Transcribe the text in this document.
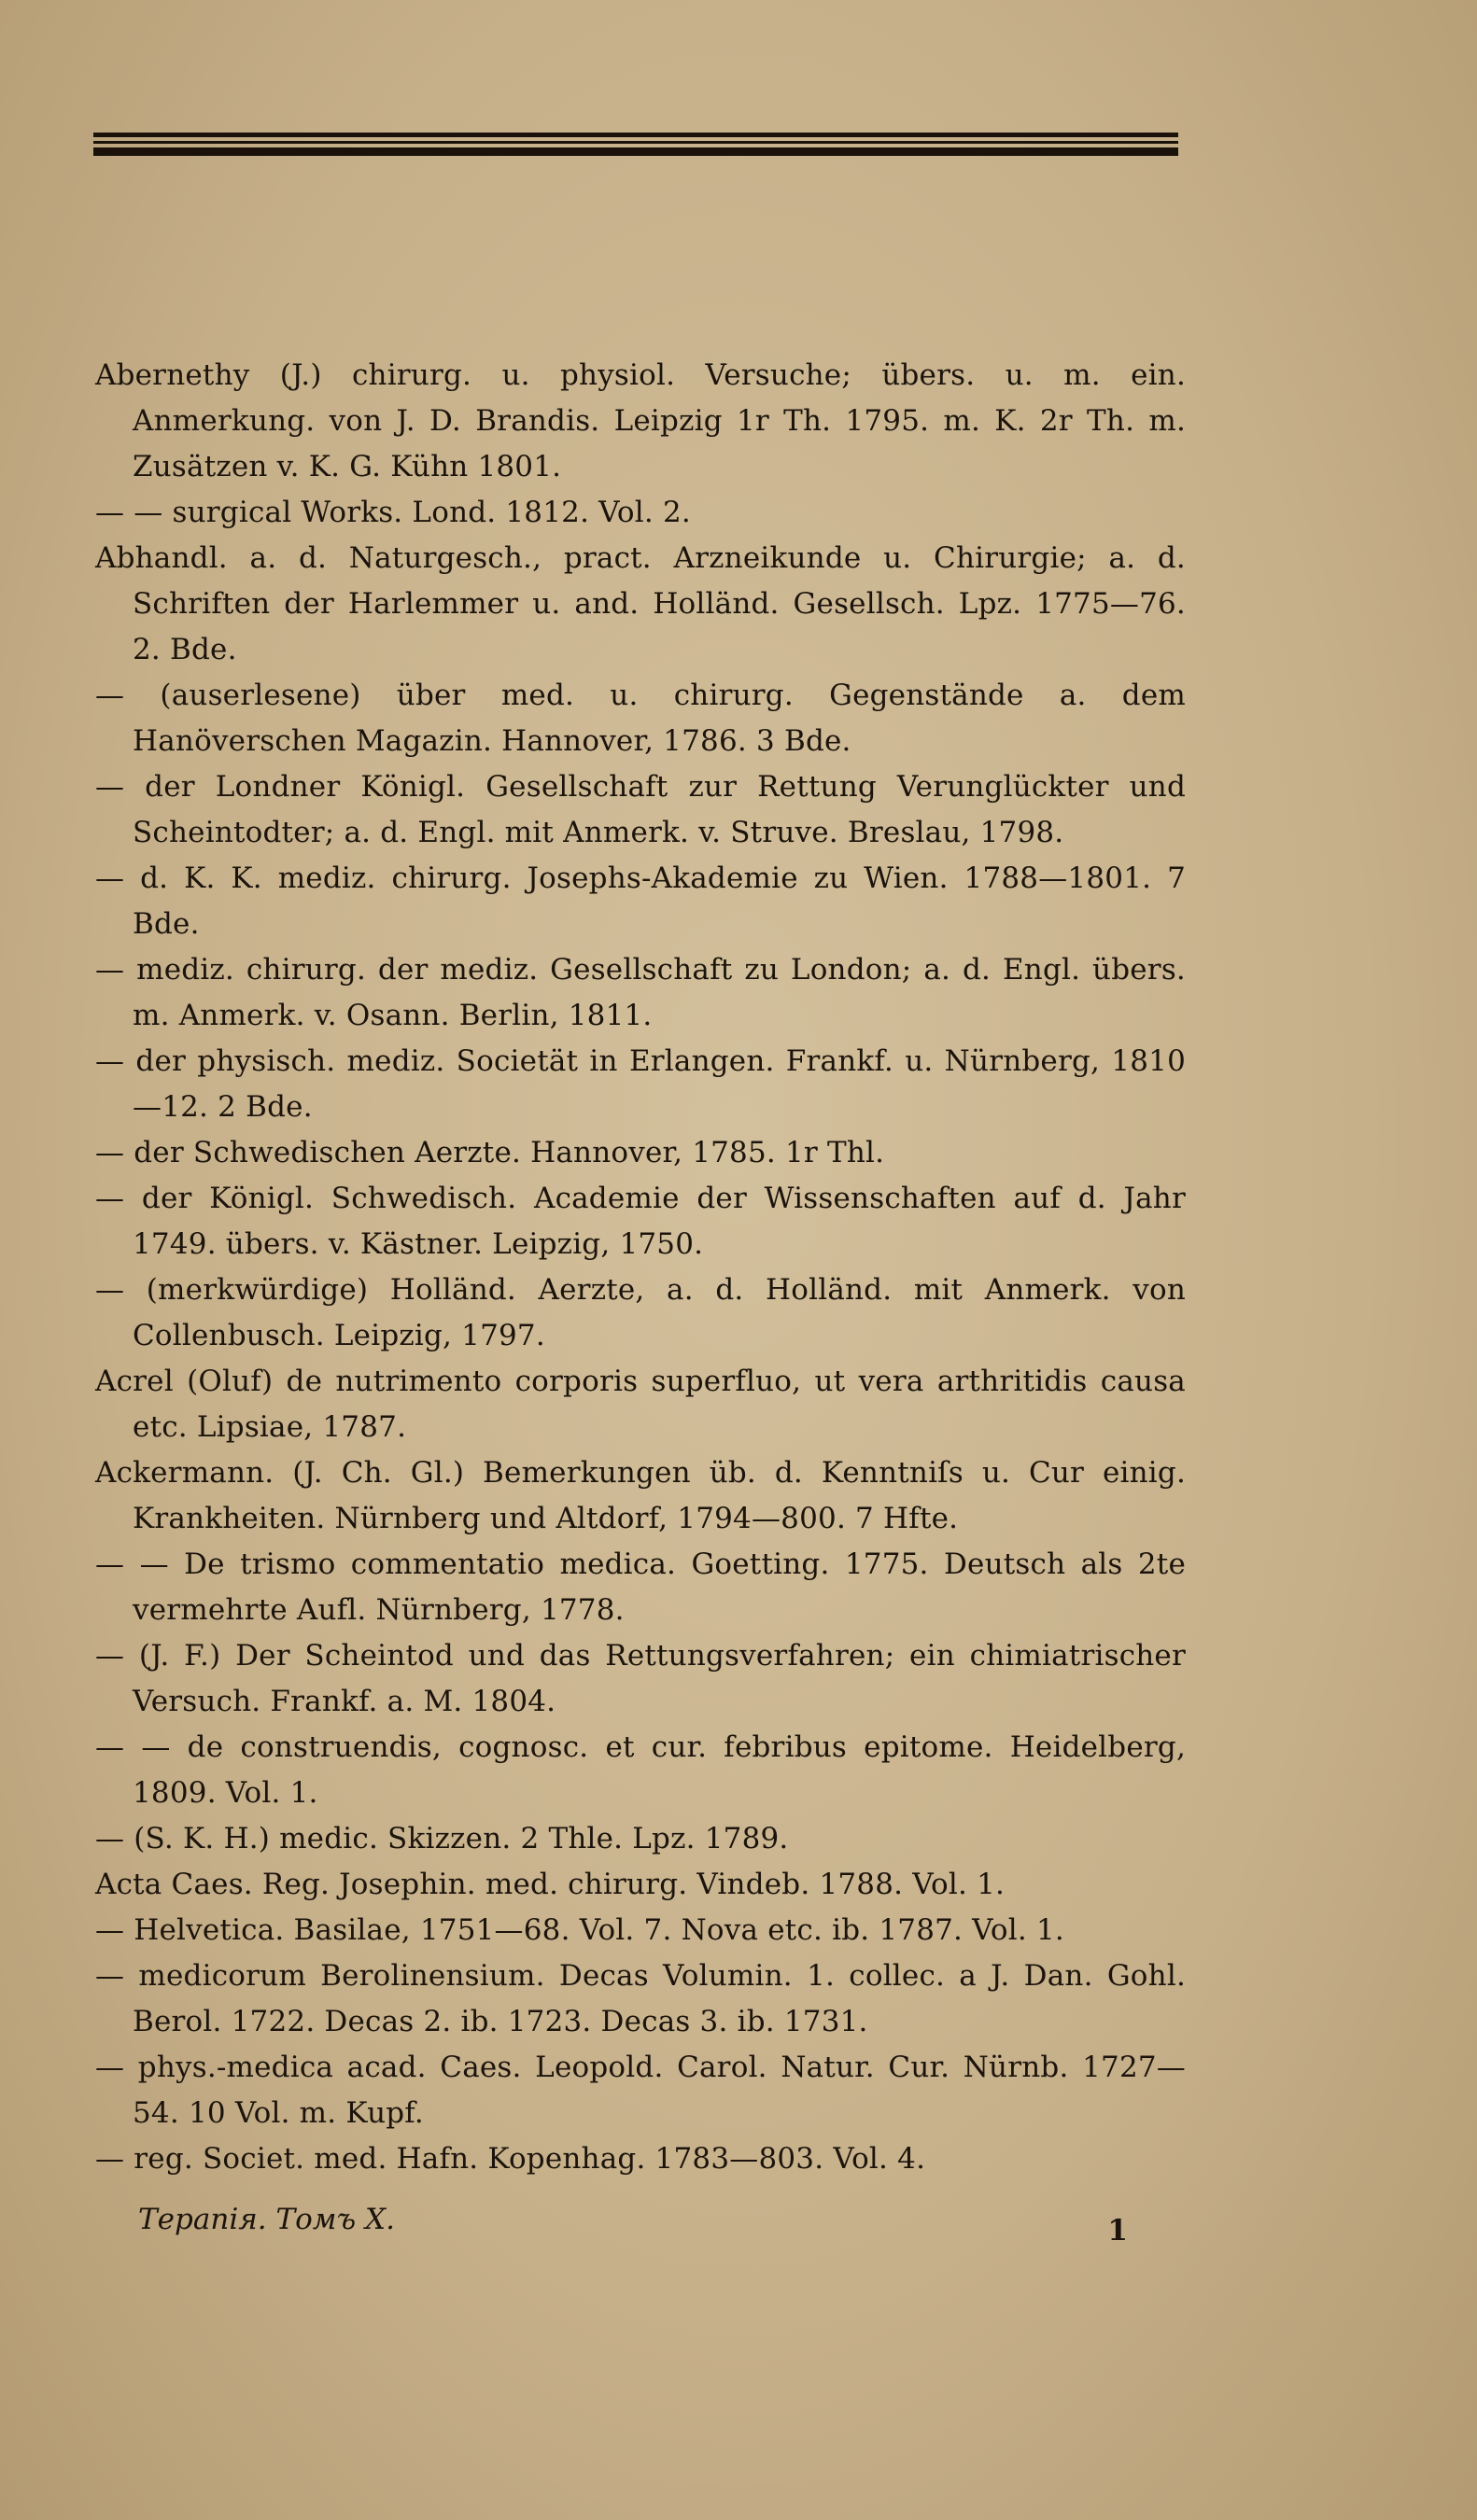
Abernethy (J.) chirurg. u. physiol. Versuche; übers. u. m. ein. Anmerkung. von J. D. Brandis. Leipzig 1r Th. 1795. m. K. 2r Th. m. Zusätzen v. K. G. Kühn 1801.

— — surgical Works. Lond. 1812. Vol. 2.

Abhandl. a. d. Naturgesch., pract. Arzneikunde u. Chirurgie; a. d. Schriften der Harlemmer u. and. Holländ. Gesellsch. Lpz. 1775—76. 2. Bde.

— (auserlesene) über med. u. chirurg. Gegenstände a. dem Hanöverschen Magazin. Hannover, 1786. 3 Bde.

— der Londner Königl. Gesellschaft zur Rettung Verunglückter und Scheintodter; a. d. Engl. mit Anmerk. v. Struve. Breslau, 1798.

— d. K. K. mediz. chirurg. Josephs-Akademie zu Wien. 1788—1801. 7 Bde.

— mediz. chirurg. der mediz. Gesellschaft zu London; a. d. Engl. übers. m. Anmerk. v. Osann. Berlin, 1811.

— der physisch. mediz. Societät in Erlangen. Frankf. u. Nürnberg, 1810—12. 2 Bde.

— der Schwedischen Aerzte. Hannover, 1785. 1r Thl.

— der Königl. Schwedisch. Academie der Wissenschaften auf d. Jahr 1749. übers. v. Kästner. Leipzig, 1750.

— (merkwürdige) Holländ. Aerzte, a. d. Holländ. mit Anmerk. von Collenbusch. Leipzig, 1797.

Acrel (Oluf) de nutrimento corporis superfluo, ut vera arthritidis causa etc. Lipsiae, 1787.

Ackermann. (J. Ch. Gl.) Bemerkungen üb. d. Kenntniſs u. Cur einig. Krankheiten. Nürnberg und Altdorf, 1794—800. 7 Hfte.

— — De trismo commentatio medica. Goetting. 1775. Deutsch als 2te vermehrte Aufl. Nürnberg, 1778.

— (J. F.) Der Scheintod und das Rettungsverfahren; ein chimiatrischer Versuch. Frankf. a. M. 1804.

— — de construendis, cognosc. et cur. febribus epitome. Heidelberg, 1809. Vol. 1.

— (S. K. H.) medic. Skizzen. 2 Thle. Lpz. 1789.

Acta Caes. Reg. Josephin. med. chirurg. Vindeb. 1788. Vol. 1.

— Helvetica. Basilae, 1751—68. Vol. 7. Nova etc. ib. 1787. Vol. 1.

— medicorum Berolinensium. Decas Volumin. 1. collec. a J. Dan. Gohl. Berol. 1722. Decas 2. ib. 1723. Decas 3. ib. 1731.

— phys.-medica acad. Caes. Leopold. Carol. Natur. Cur. Nürnb. 1727—54. 10 Vol. m. Kupf.

— reg. Societ. med. Hafn. Kopenhag. 1783—803. Vol. 4.

Терапія. Томъ X.	1
